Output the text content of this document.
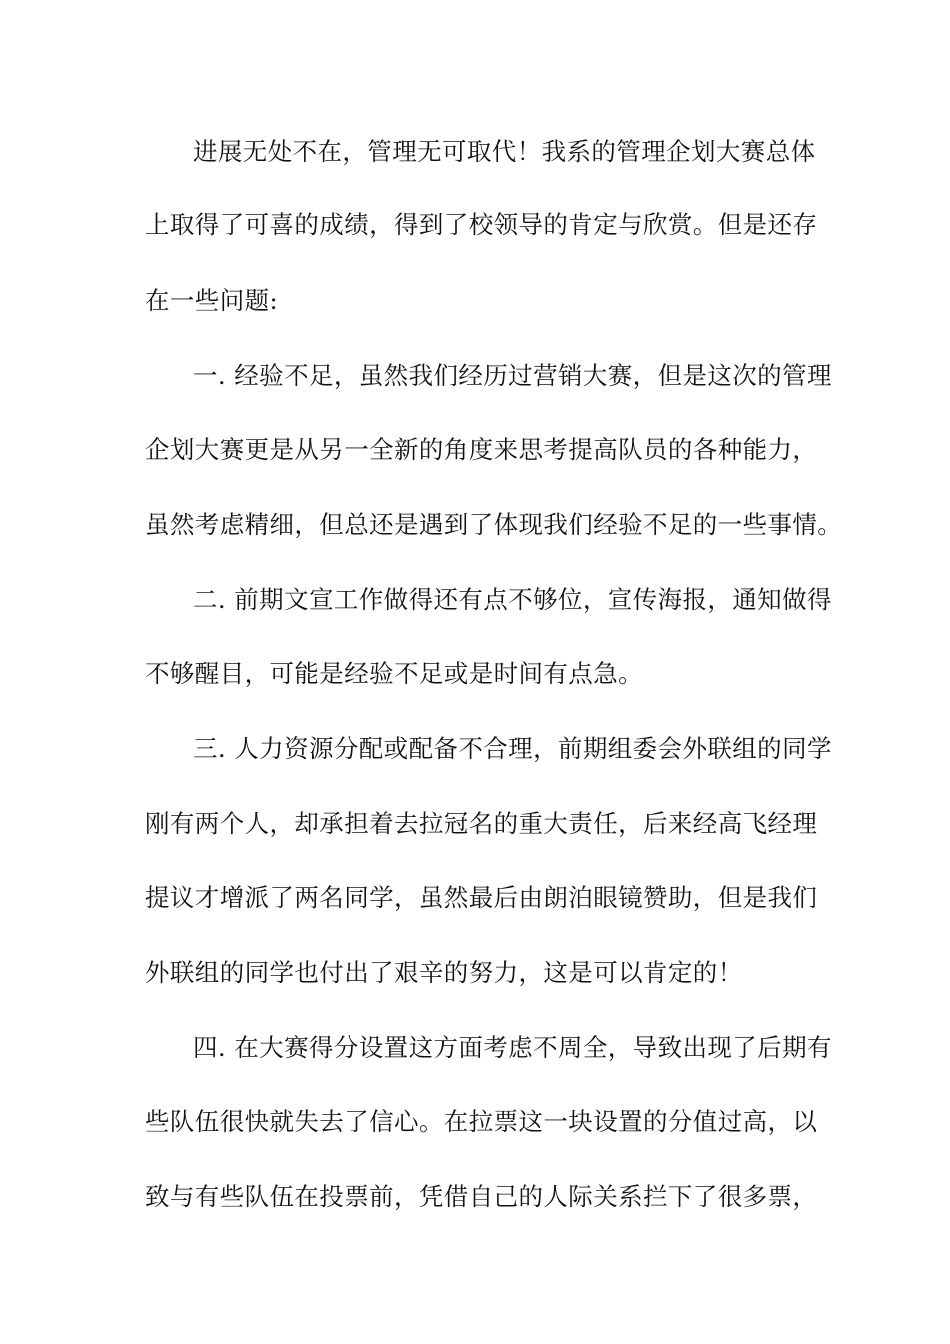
进展无处不在，管理无可取代！我系的管理企划大赛总体
上取得了可喜的成绩，得到了校领导的肯定与欣赏。但是还存
在一些问题:
一. 经验不足，虽然我们经历过营销大赛，但是这次的管理
企划大赛更是从另一全新的角度来思考提高队员的各种能力，
虽然考虑精细，但总还是遇到了体现我们经验不足的一些事情。
二. 前期文宣工作做得还有点不够位，宣传海报，通知做得
不够醒目，可能是经验不足或是时间有点急。
三. 人力资源分配或配备不合理，前期组委会外联组的同学
刚有两个人，却承担着去拉冠名的重大责任，后来经高飞经理
提议才增派了两名同学，虽然最后由朗泊眼镜赞助，但是我们
外联组的同学也付出了艰辛的努力，这是可以肯定的！
四. 在大赛得分设置这方面考虑不周全，导致出现了后期有
些队伍很快就失去了信心。在拉票这一块设置的分值过高，以
致与有些队伍在投票前，凭借自己的人际关系拦下了很多票，
